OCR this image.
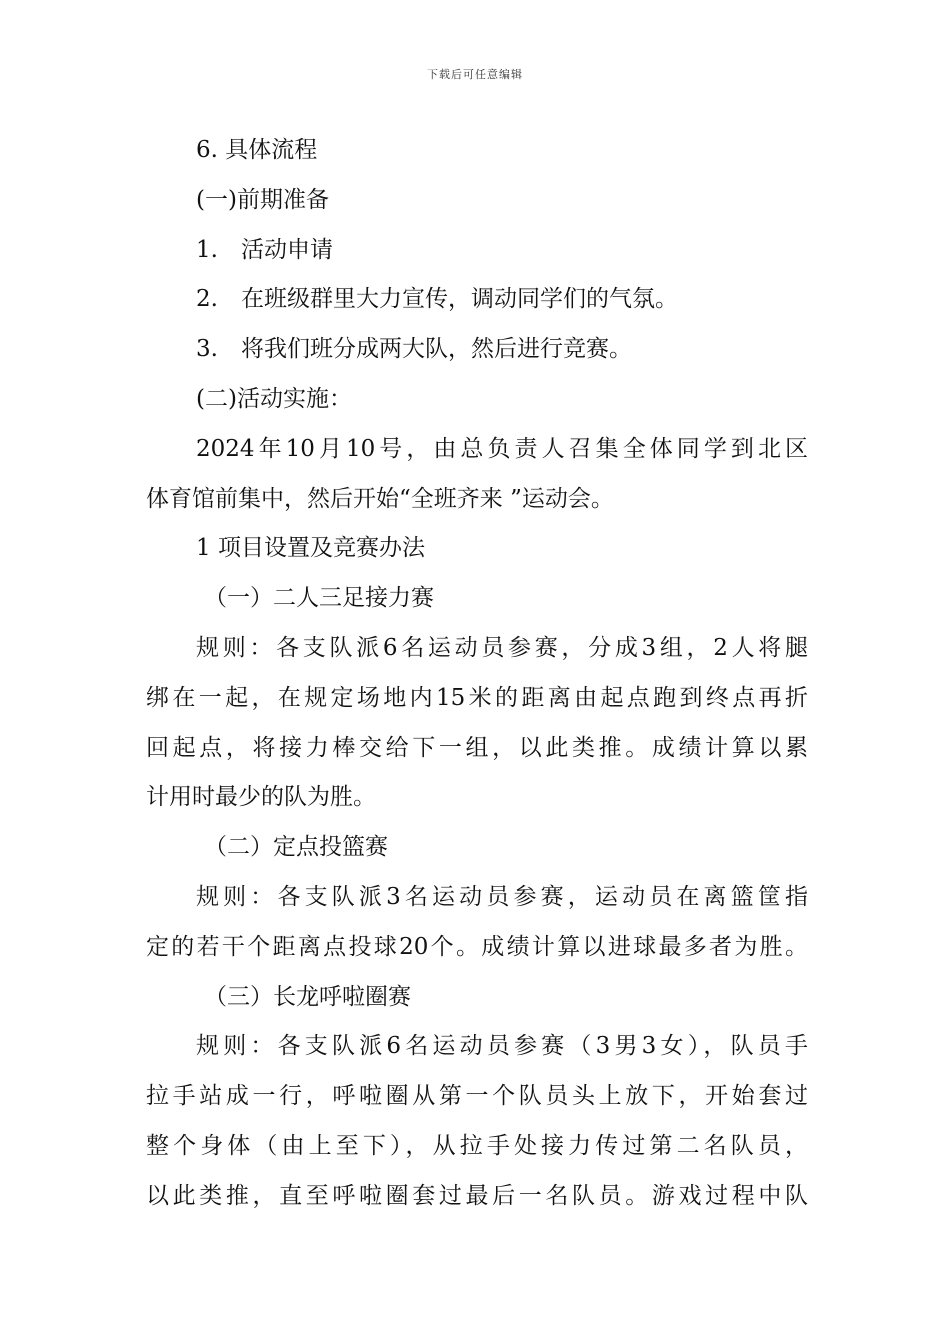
下载后可任意编辑
6. 具体流程
(一)前期准备
1.　活动申请
2.　在班级群里大力宣传，调动同学们的气氛。
3.　将我们班分成两大队，然后进行竞赛。
(二)活动实施：
2024年10月10号，由总负责人召集全体同学到北区
体育馆前集中，然后开始“全班齐来 ”运动会。
1 项目设置及竞赛办法
（一）二人三足接力赛
规则：各支队派6名运动员参赛，分成3组，2人将腿
绑在一起，在规定场地内15米的距离由起点跑到终点再折
回起点，将接力棒交给下一组，以此类推。成绩计算以累
计用时最少的队为胜。
（二）定点投篮赛
规则：各支队派3名运动员参赛，运动员在离篮筐指
定的若干个距离点投球20个。成绩计算以进球最多者为胜。
（三）长龙呼啦圈赛
规则：各支队派6名运动员参赛（3男3女），队员手
拉手站成一行，呼啦圈从第一个队员头上放下，开始套过
整个身体（由上至下），从拉手处接力传过第二名队员，
以此类推，直至呼啦圈套过最后一名队员。游戏过程中队
